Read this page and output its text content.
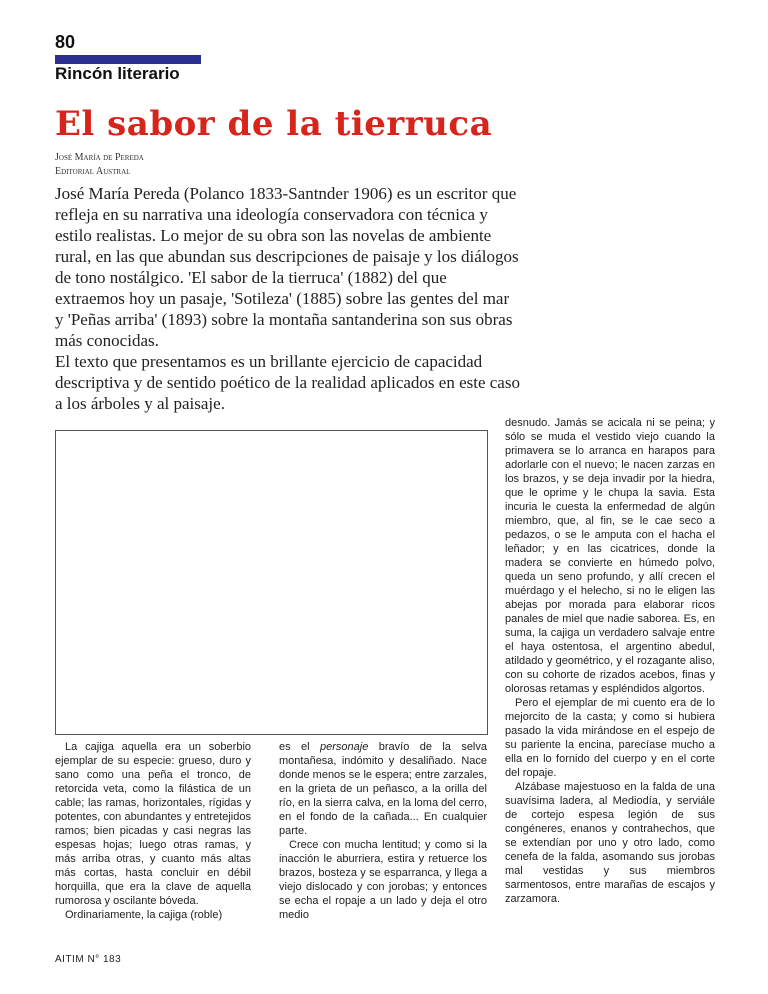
80
Rincón literario
El sabor de la tierruca
José María de Pereda
Editorial Austral

José María Pereda (Polanco 1833-Santnder 1906) es un escritor que refleja en su narrativa una ideología conservadora con técnica y estilo realistas. Lo mejor de su obra son las novelas de ambiente rural, en las que abundan sus descripciones de paisaje y los diálogos de tono nostálgico. 'El sabor de la tierruca' (1882) del que extraemos hoy un pasaje, 'Sotileza' (1885) sobre las gentes del mar y 'Peñas arriba' (1893) sobre la montaña santanderina son sus obras más conocidas.

El texto que presentamos es un brillante ejercicio de capacidad descriptiva y de sentido poético de la realidad aplicados en este caso a los árboles y al paisaje.

La cajiga aquella era un soberbio ejemplar de su especie: grueso, duro y sano como una peña el tronco, de retorcida veta, como la filástica de un cable; las ramas, horizontales, rígidas y potentes, con abundantes y entretejidos ramos; bien picadas y casi negras las espesas hojas; luego otras ramas, y más arriba otras, y cuanto más altas más cortas, hasta concluir en débil horquilla, que era la clave de aquella rumorosa y oscilante bóveda.

Ordinariamente, la cajiga (roble)

es el personaje bravío de la selva montañesa, indómito y desaliñado. Nace donde menos se le espera; entre zarzales, en la grieta de un peñasco, a la orilla del río, en la sierra calva, en la loma del cerro, en el fondo de la cañada... En cualquier parte.

Crece con mucha lentitud; y como si la inacción le aburriera, estira y retuerce los brazos, bosteza y se esparranca, y llega a viejo dislocado y con jorobas; y entonces se echa el ropaje a un lado y deja el otro medio

desnudo. Jamás se acicala ni se peina; y sólo se muda el vestido viejo cuando la primavera se lo arranca en harapos para adorlarle con el nuevo; le nacen zarzas en los brazos, y se deja invadir por la hiedra, que le oprime y le chupa la savia. Esta incuria le cuesta la enfermedad de algún miembro, que, al fin, se le cae seco a pedazos, o se le amputa con el hacha el leñador; y en las cicatrices, donde la madera se convierte en húmedo polvo, queda un seno profundo, y allí crecen el muérdago y el helecho, si no le eligen las abejas por morada para elaborar ricos panales de miel que nadie saborea. Es, en suma, la cajiga un verdadero salvaje entre el haya ostentosa, el argentino abedul, atildado y geométrico, y el rozagante aliso, con su cohorte de rizados acebos, finas y olorosas retamas y espléndidos algortos.

Pero el ejemplar de mi cuento era de lo mejorcito de la casta; y como si hubiera pasado la vida mirándose en el espejo de su pariente la encina, parecíase mucho a ella en lo fornido del cuerpo y en el corte del ropaje.

Alzábase majestuoso en la falda de una suavísima ladera, al Mediodía, y serviále de cortejo espesa legión de sus congéneres, enanos y contrahechos, que se extendían por uno y otro lado, como cenefa de la falda, asomando sus jorobas mal vestidas y sus miembros sarmentosos, entre marañas de escajos y zarzamora.

AITIM N° 183
